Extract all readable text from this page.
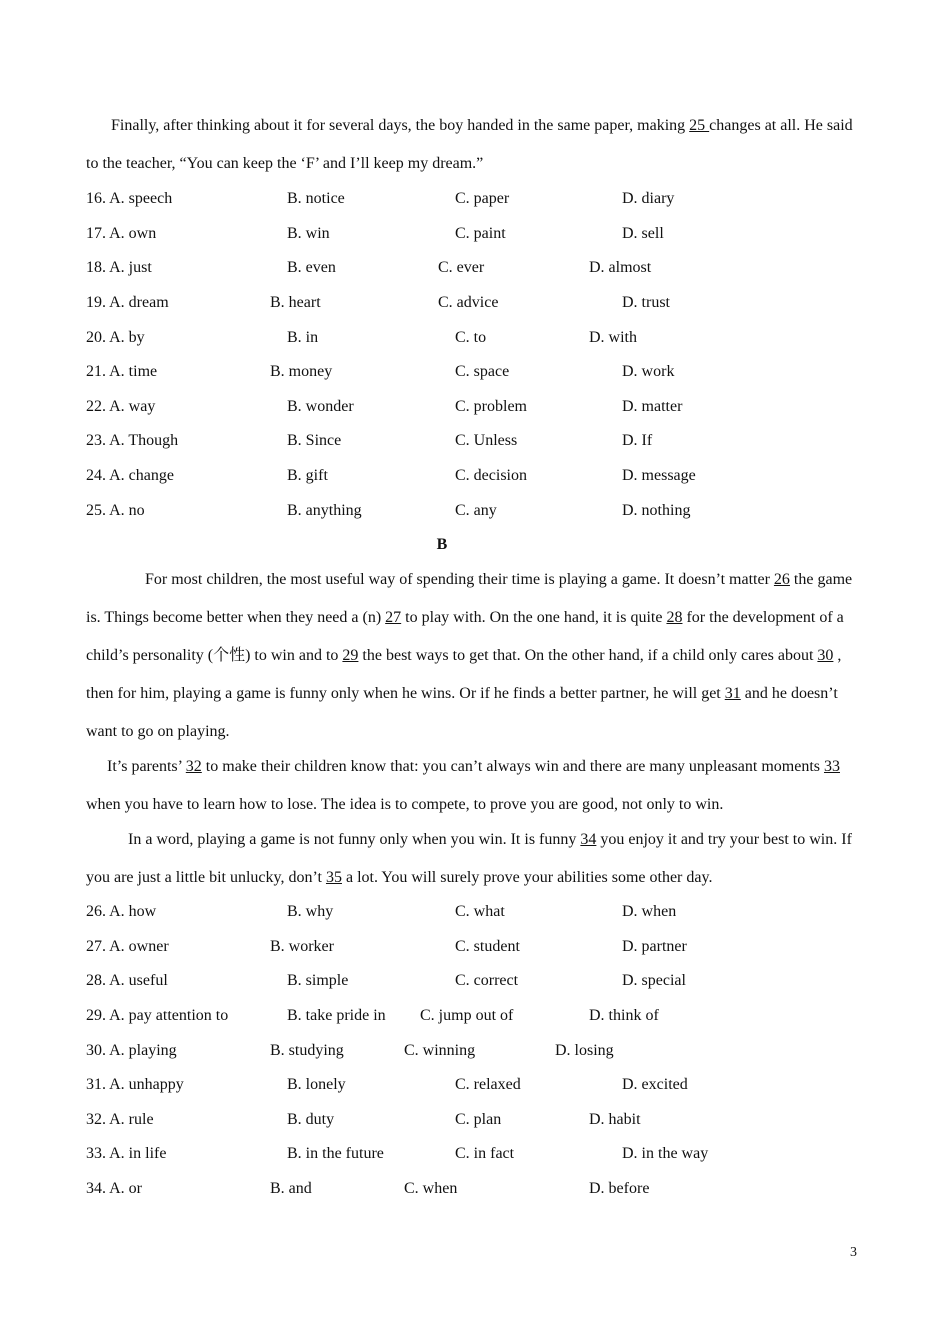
Finally, after thinking about it for several days, the boy handed in the same paper, making 25 changes at all. He said to the teacher, “You can keep the ‘F’ and I’ll keep my dream.”

16. A. speech	B. notice	C. paper	D. diary
17. A. own	B. win	C. paint	D. sell
18. A. just	B. even	C. ever	D. almost
19. A. dream	B. heart	C. advice	D. trust
20. A. by	B. in	C. to	D. with
21. A. time	B. money	C. space	D. work
22. A. way	B. wonder	C. problem	D. matter
23. A. Though	B. Since	C. Unless	D. If
24. A. change	B. gift	C. decision	D. message
25. A. no	B. anything	C. any	D. nothing
B

For most children, the most useful way of spending their time is playing a game. It doesn’t matter 26 the game is. Things become better when they need a (n) 27 to play with. On the one hand, it is quite 28 for the development of a child’s personality (个性) to win and to 29 the best ways to get that. On the other hand, if a child only cares about 30 , then for him, playing a game is funny only when he wins. Or if he finds a better partner, he will get 31 and he doesn’t want to go on playing.

It’s parents’ 32 to make their children know that: you can’t always win and there are many unpleasant moments 33 when you have to learn how to lose. The idea is to compete, to prove you are good, not only to win.

In a word, playing a game is not funny only when you win. It is funny 34 you enjoy it and try your best to win. If you are just a little bit unlucky, don’t 35 a lot. You will surely prove your abilities some other day.

26. A. how	B. why	C. what	D. when
27. A. owner	B. worker	C. student	D. partner
28. A. useful	B. simple	C. correct	D. special
29. A. pay attention to	B. take pride in C. jump out of	D. think of
30. A. playing	B. studying	C. winning	D. losing
31. A. unhappy	B. lonely	C. relaxed	D. excited
32. A. rule	B. duty	C. plan	D. habit
33. A. in life	B. in the future	C. in fact	D. in the way
34. A. or	B. and	C. when	D. before
3
